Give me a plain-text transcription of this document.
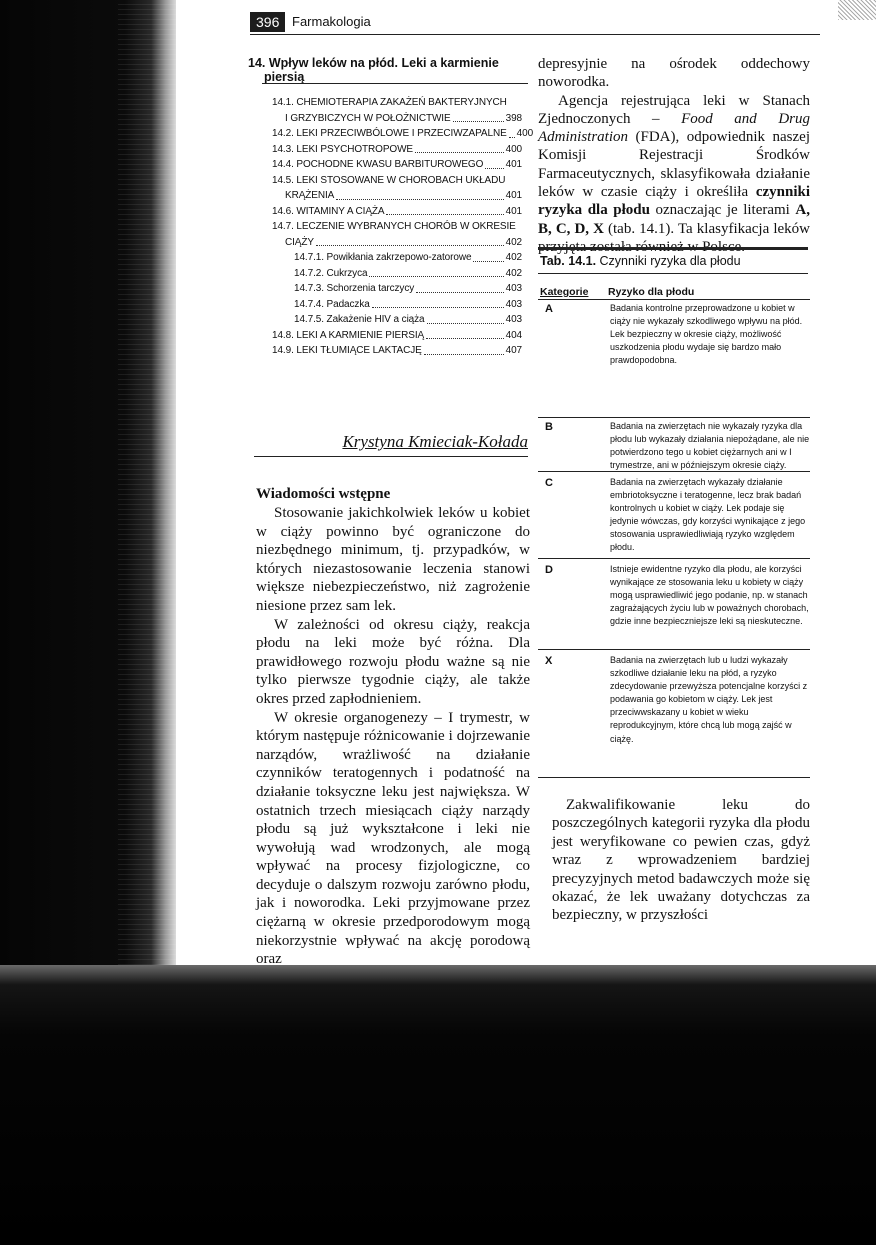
396 Farmakologia
14. Wpływ leków na płód. Leki a karmienie
piersią
14.1. CHEMIOTERAPIA ZAKAŻEŃ BAKTERYJNYCH
I GRZYBICZYCH W POŁOŻNICTWIE	398
14.2. LEKI PRZECIWBÓLOWE I PRZECIWZAPALNE 400
14.3. LEKI PSYCHOTROPOWE	400
14.4. POCHODNE KWASU BARBITUROWEGO 401
14.5. LEKI STOSOWANE W CHOROBACH UKŁADU
KRĄŻENIA	401
14.6. WITAMINY A CIĄŻA	401
14.7. LECZENIE WYBRANYCH CHORÓB W OKRESIE
CIĄŻY	402
14.7.1. Powikłania zakrzepowo-zatorowe	402
14.7.2. Cukrzyca	402
14.7.3. Schorzenia tarczycy	403
14.7.4. Padaczka	403
14.7.5. Zakażenie HIV a ciąża	403
14.8. LEKI A KARMIENIE PIERSIĄ	404
14.9. LEKI TŁUMIĄCE LAKTACJĘ	407
Krystyna Kmieciak-Kołada
Wiadomości wstępne

Stosowanie jakichkolwiek leków u kobiet w ciąży powinno być ograniczone do niezbędnego minimum, tj. przypadków, w których niezastosowanie leczenia stanowi większe niebezpieczeństwo, niż zagrożenie niesione przez sam lek.

W zależności od okresu ciąży, reakcja płodu na leki może być różna. Dla prawidłowego rozwoju płodu ważne są nie tylko pierwsze tygodnie ciąży, ale także okres przed zapłodnieniem.

W okresie organogenezy – I trymestr, w którym następuje różnicowanie i dojrzewanie narządów, wrażliwość na działanie czynników teratogennych i podatność na działanie toksyczne leku jest największa. W ostatnich trzech miesiącach ciąży narządy płodu są już wykształcone i leki nie wywołują wad wrodzonych, ale mogą wpływać na procesy fizjologiczne, co decyduje o dalszym rozwoju zarówno płodu, jak i noworodka. Leki przyjmowane przez ciężarną w okresie przedporodowym mogą niekorzystnie wpływać na akcję porodową oraz

depresyjnie na ośrodek oddechowy noworodka.

Agencja rejestrująca leki w Stanach Zjednoczonych – Food and Drug Administration (FDA), odpowiednik naszej Komisji Rejestracji Środków Farmaceutycznych, sklasyfikowała działanie leków w czasie ciąży i określiła czynniki ryzyka dla płodu oznaczając je literami A, B, C, D, X (tab. 14.1). Ta klasyfikacja leków przyjęta została również w Polsce.

Tab. 14.1. Czynniki ryzyka dla płodu
Kategorie Ryzyko dla płodu
A	Badania kontrolne przeprowadzone u kobiet w ciąży nie wykazały szkodliwego wpływu na płód. Lek bezpieczny w okresie ciąży, możliwość uszkodzenia płodu wydaje się bardzo mało prawdopodobna.
B	Badania na zwierzętach nie wykazały ryzyka dla płodu lub wykazały działania niepożądane, ale nie potwierdzono tego u kobiet ciężarnych ani w I trymestrze, ani w późniejszym okresie ciąży.
C	Badania na zwierzętach wykazały działanie embriotoksyczne i teratogenne, lecz brak badań kontrolnych u kobiet w ciąży. Lek podaje się jedynie wówczas, gdy korzyści wynikające z jego stosowania usprawiedliwiają ryzyko względem płodu.
D	Istnieje ewidentne ryzyko dla płodu, ale korzyści wynikające ze stosowania leku u kobiety w ciąży mogą usprawiedliwić jego podanie, np. w stanach zagrażających życiu lub w poważnych chorobach, gdzie inne bezpieczniejsze leki są nieskuteczne.
X	Badania na zwierzętach lub u ludzi wykazały szkodliwe działanie leku na płód, a ryzyko zdecydowanie przewyższa potencjalne korzyści z podawania go kobietom w ciąży. Lek jest przeciwwskazany u kobiet w wieku reprodukcyjnym, które chcą lub mogą zajść w ciążę.

Zakwalifikowanie leku do poszczególnych kategorii ryzyka dla płodu jest weryfikowane co pewien czas, gdyż wraz z wprowadzeniem bardziej precyzyjnych metod badawczych może się okazać, że lek uważany dotychczas za bezpieczny, w przyszłości
